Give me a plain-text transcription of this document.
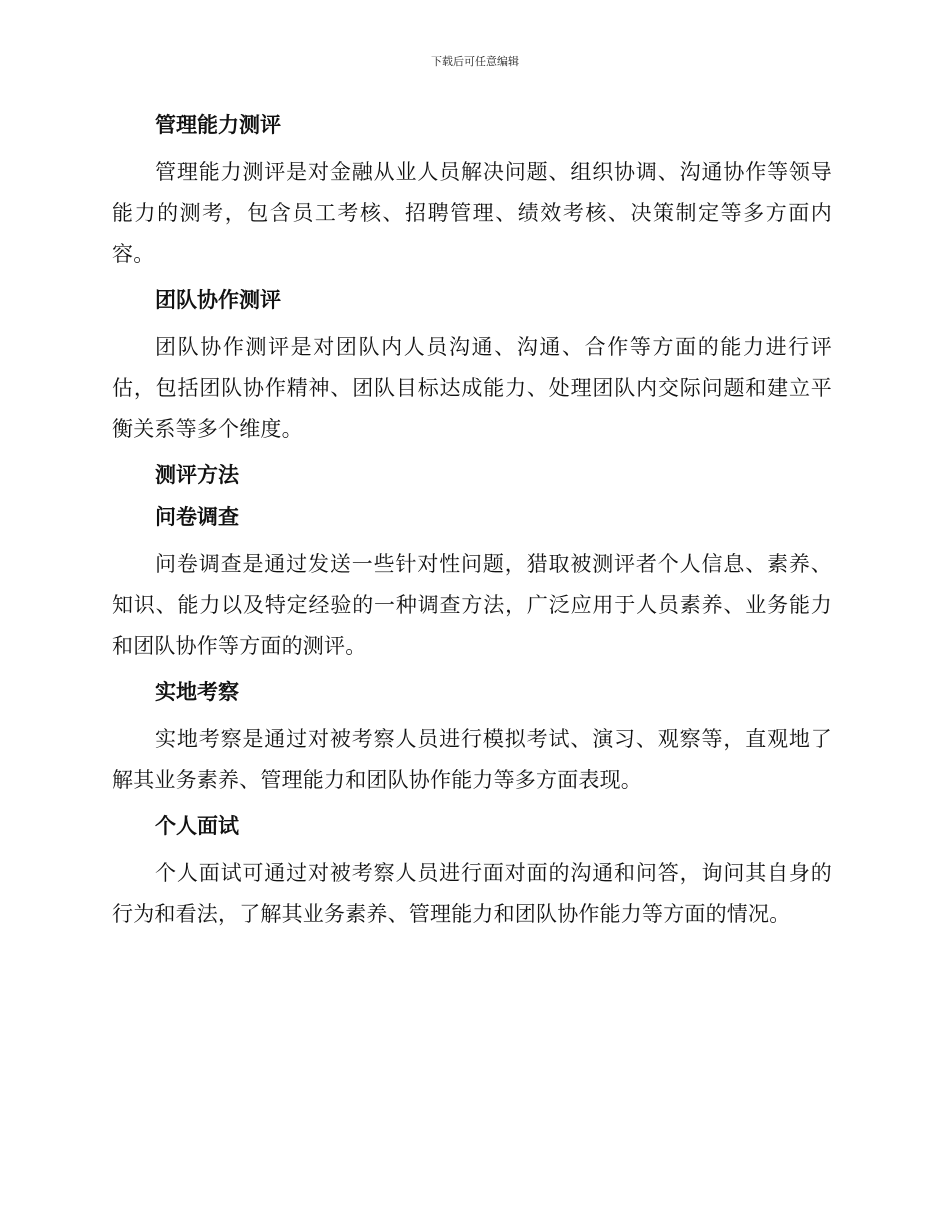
下载后可任意编辑
管理能力测评

管理能力测评是对金融从业人员解决问题、组织协调、沟通协作等领导能力的测考，包含员工考核、招聘管理、绩效考核、决策制定等多方面内容。

团队协作测评

团队协作测评是对团队内人员沟通、沟通、合作等方面的能力进行评估，包括团队协作精神、团队目标达成能力、处理团队内交际问题和建立平衡关系等多个维度。

测评方法
问卷调查

问卷调查是通过发送一些针对性问题，猎取被测评者个人信息、素养、知识、能力以及特定经验的一种调查方法，广泛应用于人员素养、业务能力和团队协作等方面的测评。

实地考察

实地考察是通过对被考察人员进行模拟考试、演习、观察等，直观地了解其业务素养、管理能力和团队协作能力等多方面表现。

个人面试

个人面试可通过对被考察人员进行面对面的沟通和问答，询问其自身的行为和看法，了解其业务素养、管理能力和团队协作能力等方面的情况。
